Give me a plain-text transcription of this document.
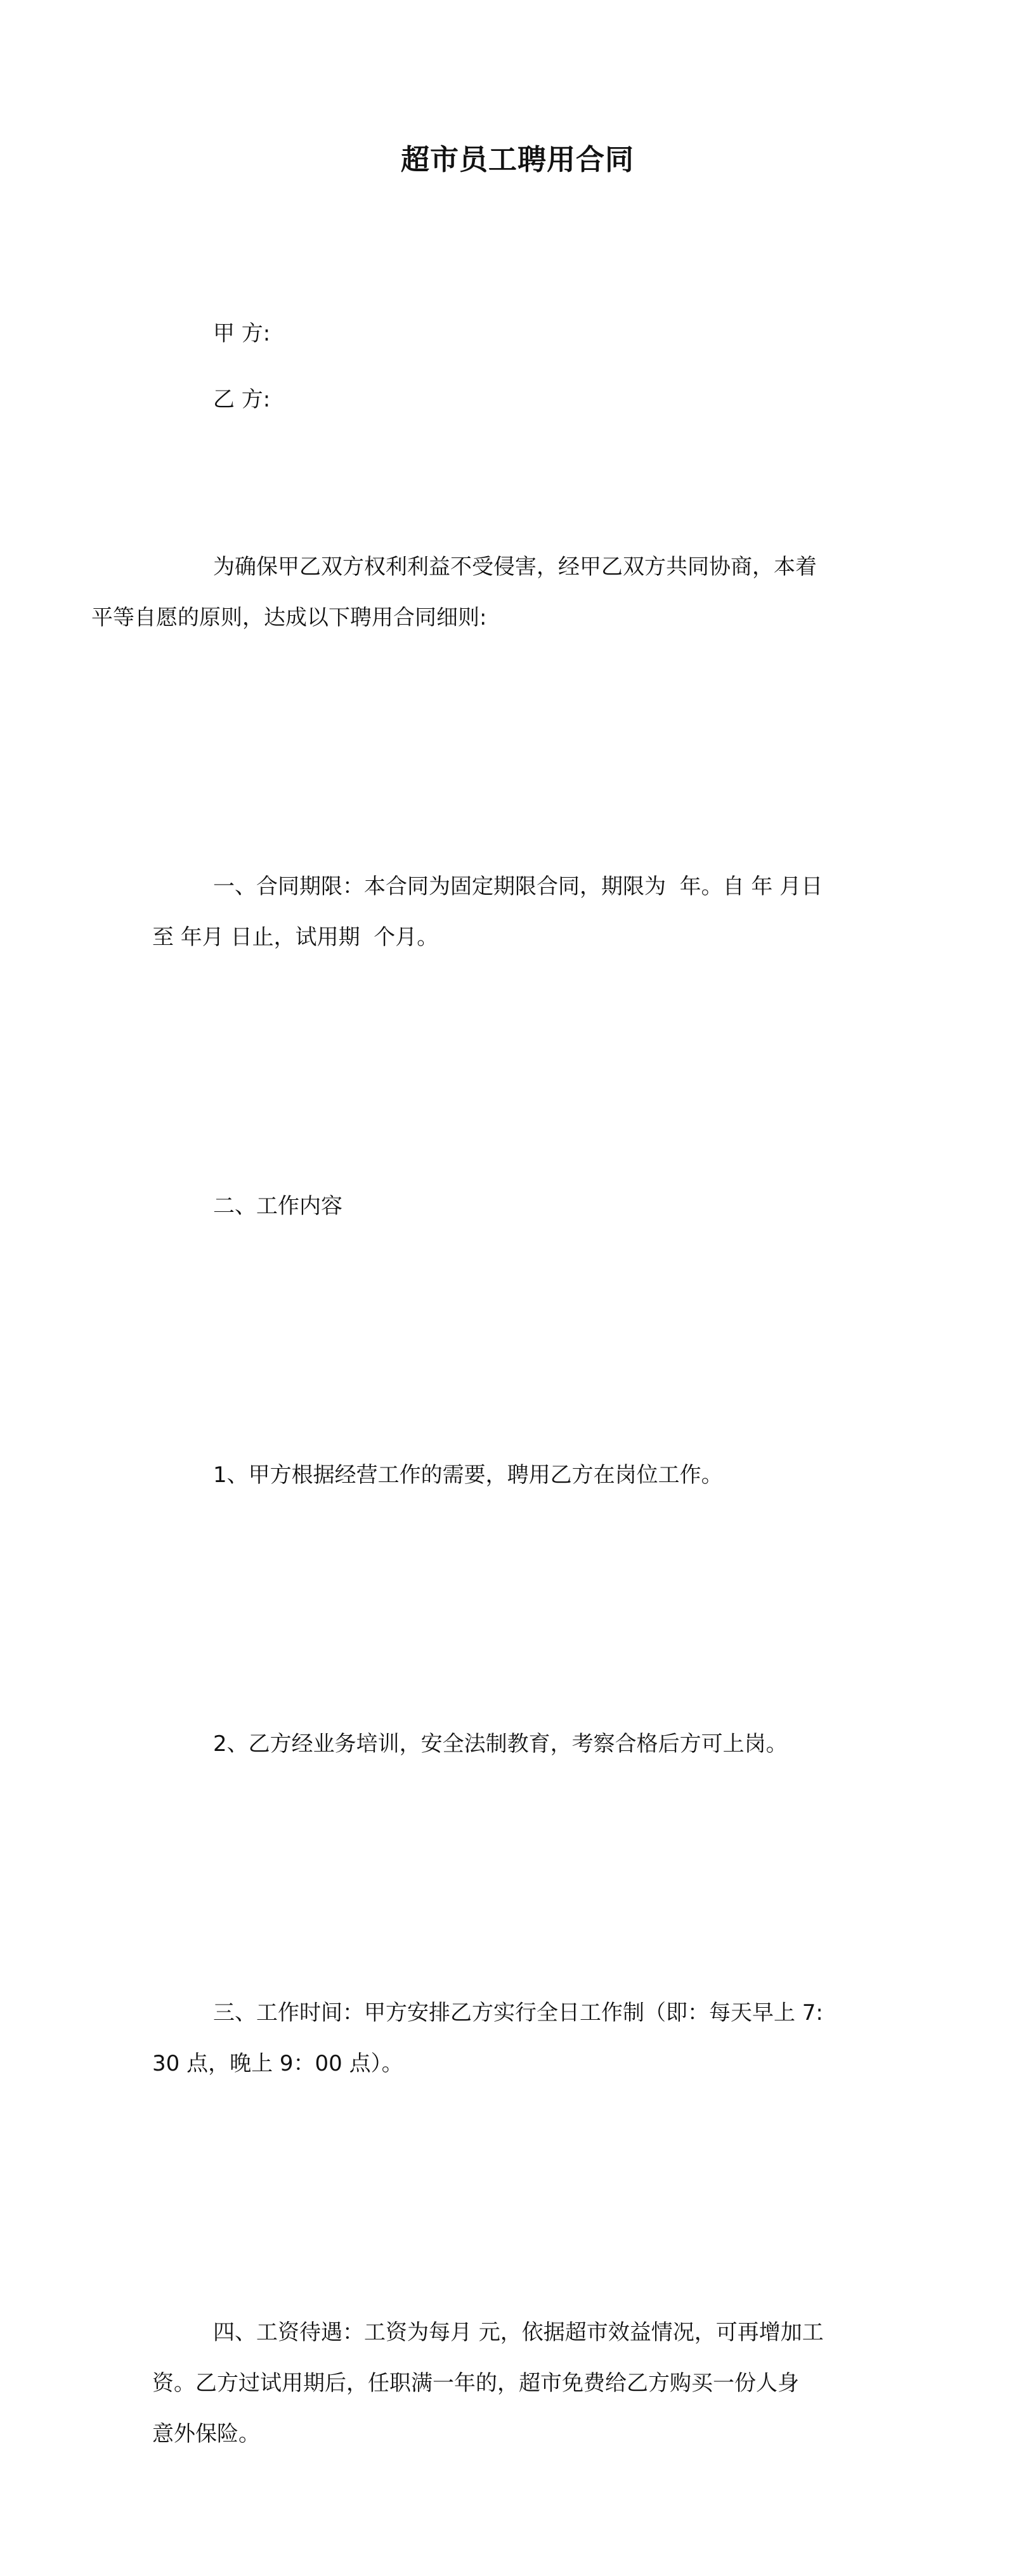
超市员工聘用合同

甲 方:

乙 方:

为确保甲乙双方权利利益不受侵害，经甲乙双方共同协商，本着
平等自愿的原则，达成以下聘用合同细则:

一、合同期限：本合同为固定期限合同，期限为  年。自 年 月日
至 年月 日止，试用期  个月。

二、工作内容

1、甲方根据经营工作的需要，聘用乙方在岗位工作。

2、乙方经业务培训，安全法制教育，考察合格后方可上岗。

三、工作时间：甲方安排乙方实行全日工作制（即：每天早上 7:
30 点，晚上 9：00 点）。

四、工资待遇：工资为每月 元，依据超市效益情况，可再增加工
资。乙方过试用期后，任职满一年的，超市免费给乙方购买一份人身
意外保险。
